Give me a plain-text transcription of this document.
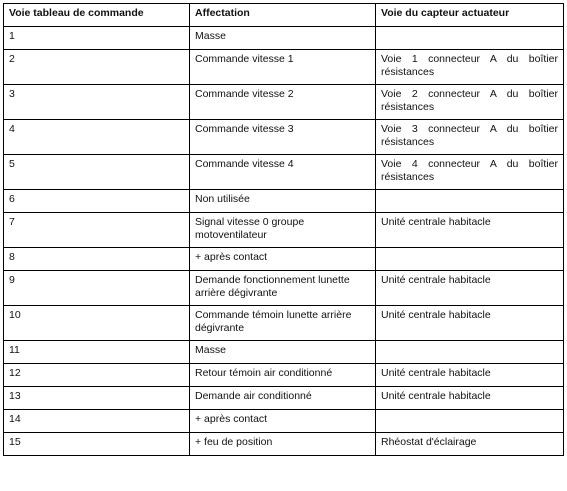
Voie tableau de commande	Affectation	Voie du capteur actuateur
1	Masse	
2	Commande vitesse 1	Voie 1 connecteur A du boîtier résistances
3	Commande vitesse 2	Voie 2 connecteur A du boîtier résistances
4	Commande vitesse 3	Voie 3 connecteur A du boîtier résistances
5	Commande vitesse 4	Voie 4 connecteur A du boîtier résistances
6	Non utilisée	
7	Signal vitesse 0 groupe motoventilateur	Unité centrale habitacle
8	+ après contact	
9	Demande fonctionnement lunette arrière dégivrante	Unité centrale habitacle
10	Commande témoin lunette arrière dégivrante	Unité centrale habitacle
11	Masse	
12	Retour témoin air conditionné	Unité centrale habitacle
13	Demande air conditionné	Unité centrale habitacle
14	+ après contact	
15	+ feu de position	Rhéostat d'éclairage
